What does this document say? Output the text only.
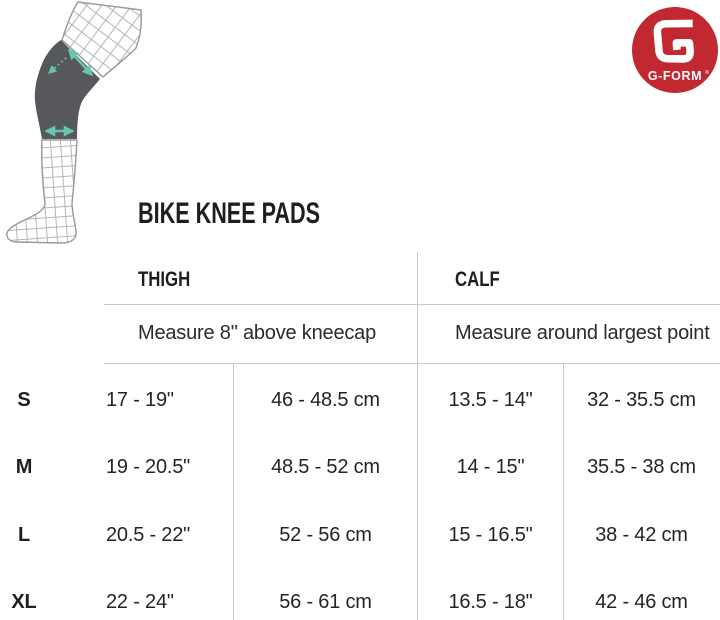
G-FORM ®
BIKE KNEE PADS
THIGH	CALF
Measure 8" above kneecap	Measure around largest point
S	17 - 19"	46 - 48.5 cm	13.5 - 14"	32 - 35.5 cm
M	19 - 20.5"	48.5 - 52 cm	14 - 15"	35.5 - 38 cm
L	20.5 - 22"	52 - 56 cm	15 - 16.5"	38 - 42 cm
XL	22 - 24"	56 - 61 cm	16.5 - 18"	42 - 46 cm
